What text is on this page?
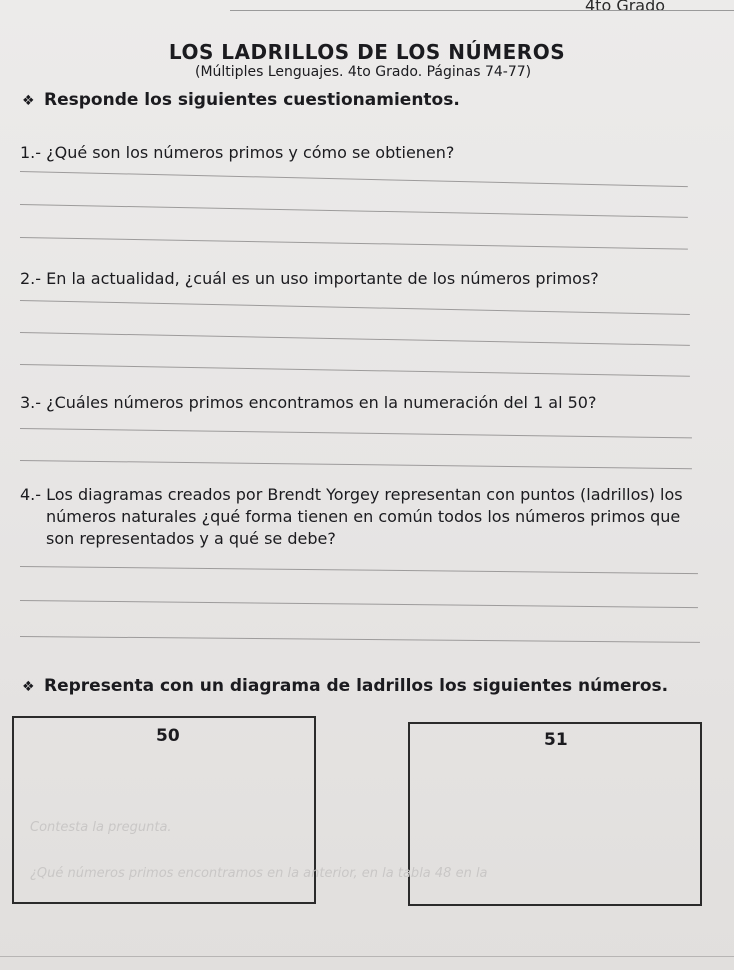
4to Grado
LOS LADRILLOS DE LOS NÚMEROS
(Múltiples Lenguajes. 4to Grado. Páginas 74-77)
❖ Responde los siguientes cuestionamientos.
1.- ¿Qué son los números primos y cómo se obtienen?
2.- En la actualidad, ¿cuál es un uso importante de los números primos?
3.- ¿Cuáles números primos encontramos en la numeración del 1 al 50?
4.- Los diagramas creados por Brendt Yorgey representan con puntos (ladrillos) los
números naturales ¿qué forma tienen en común todos los números primos que
son representados y a qué se debe?
❖ Representa con un diagrama de ladrillos los siguientes números.
50	51
Contesta la pregunta.
¿Qué números primos encontramos en la anterior, en la tabla 48 en la
